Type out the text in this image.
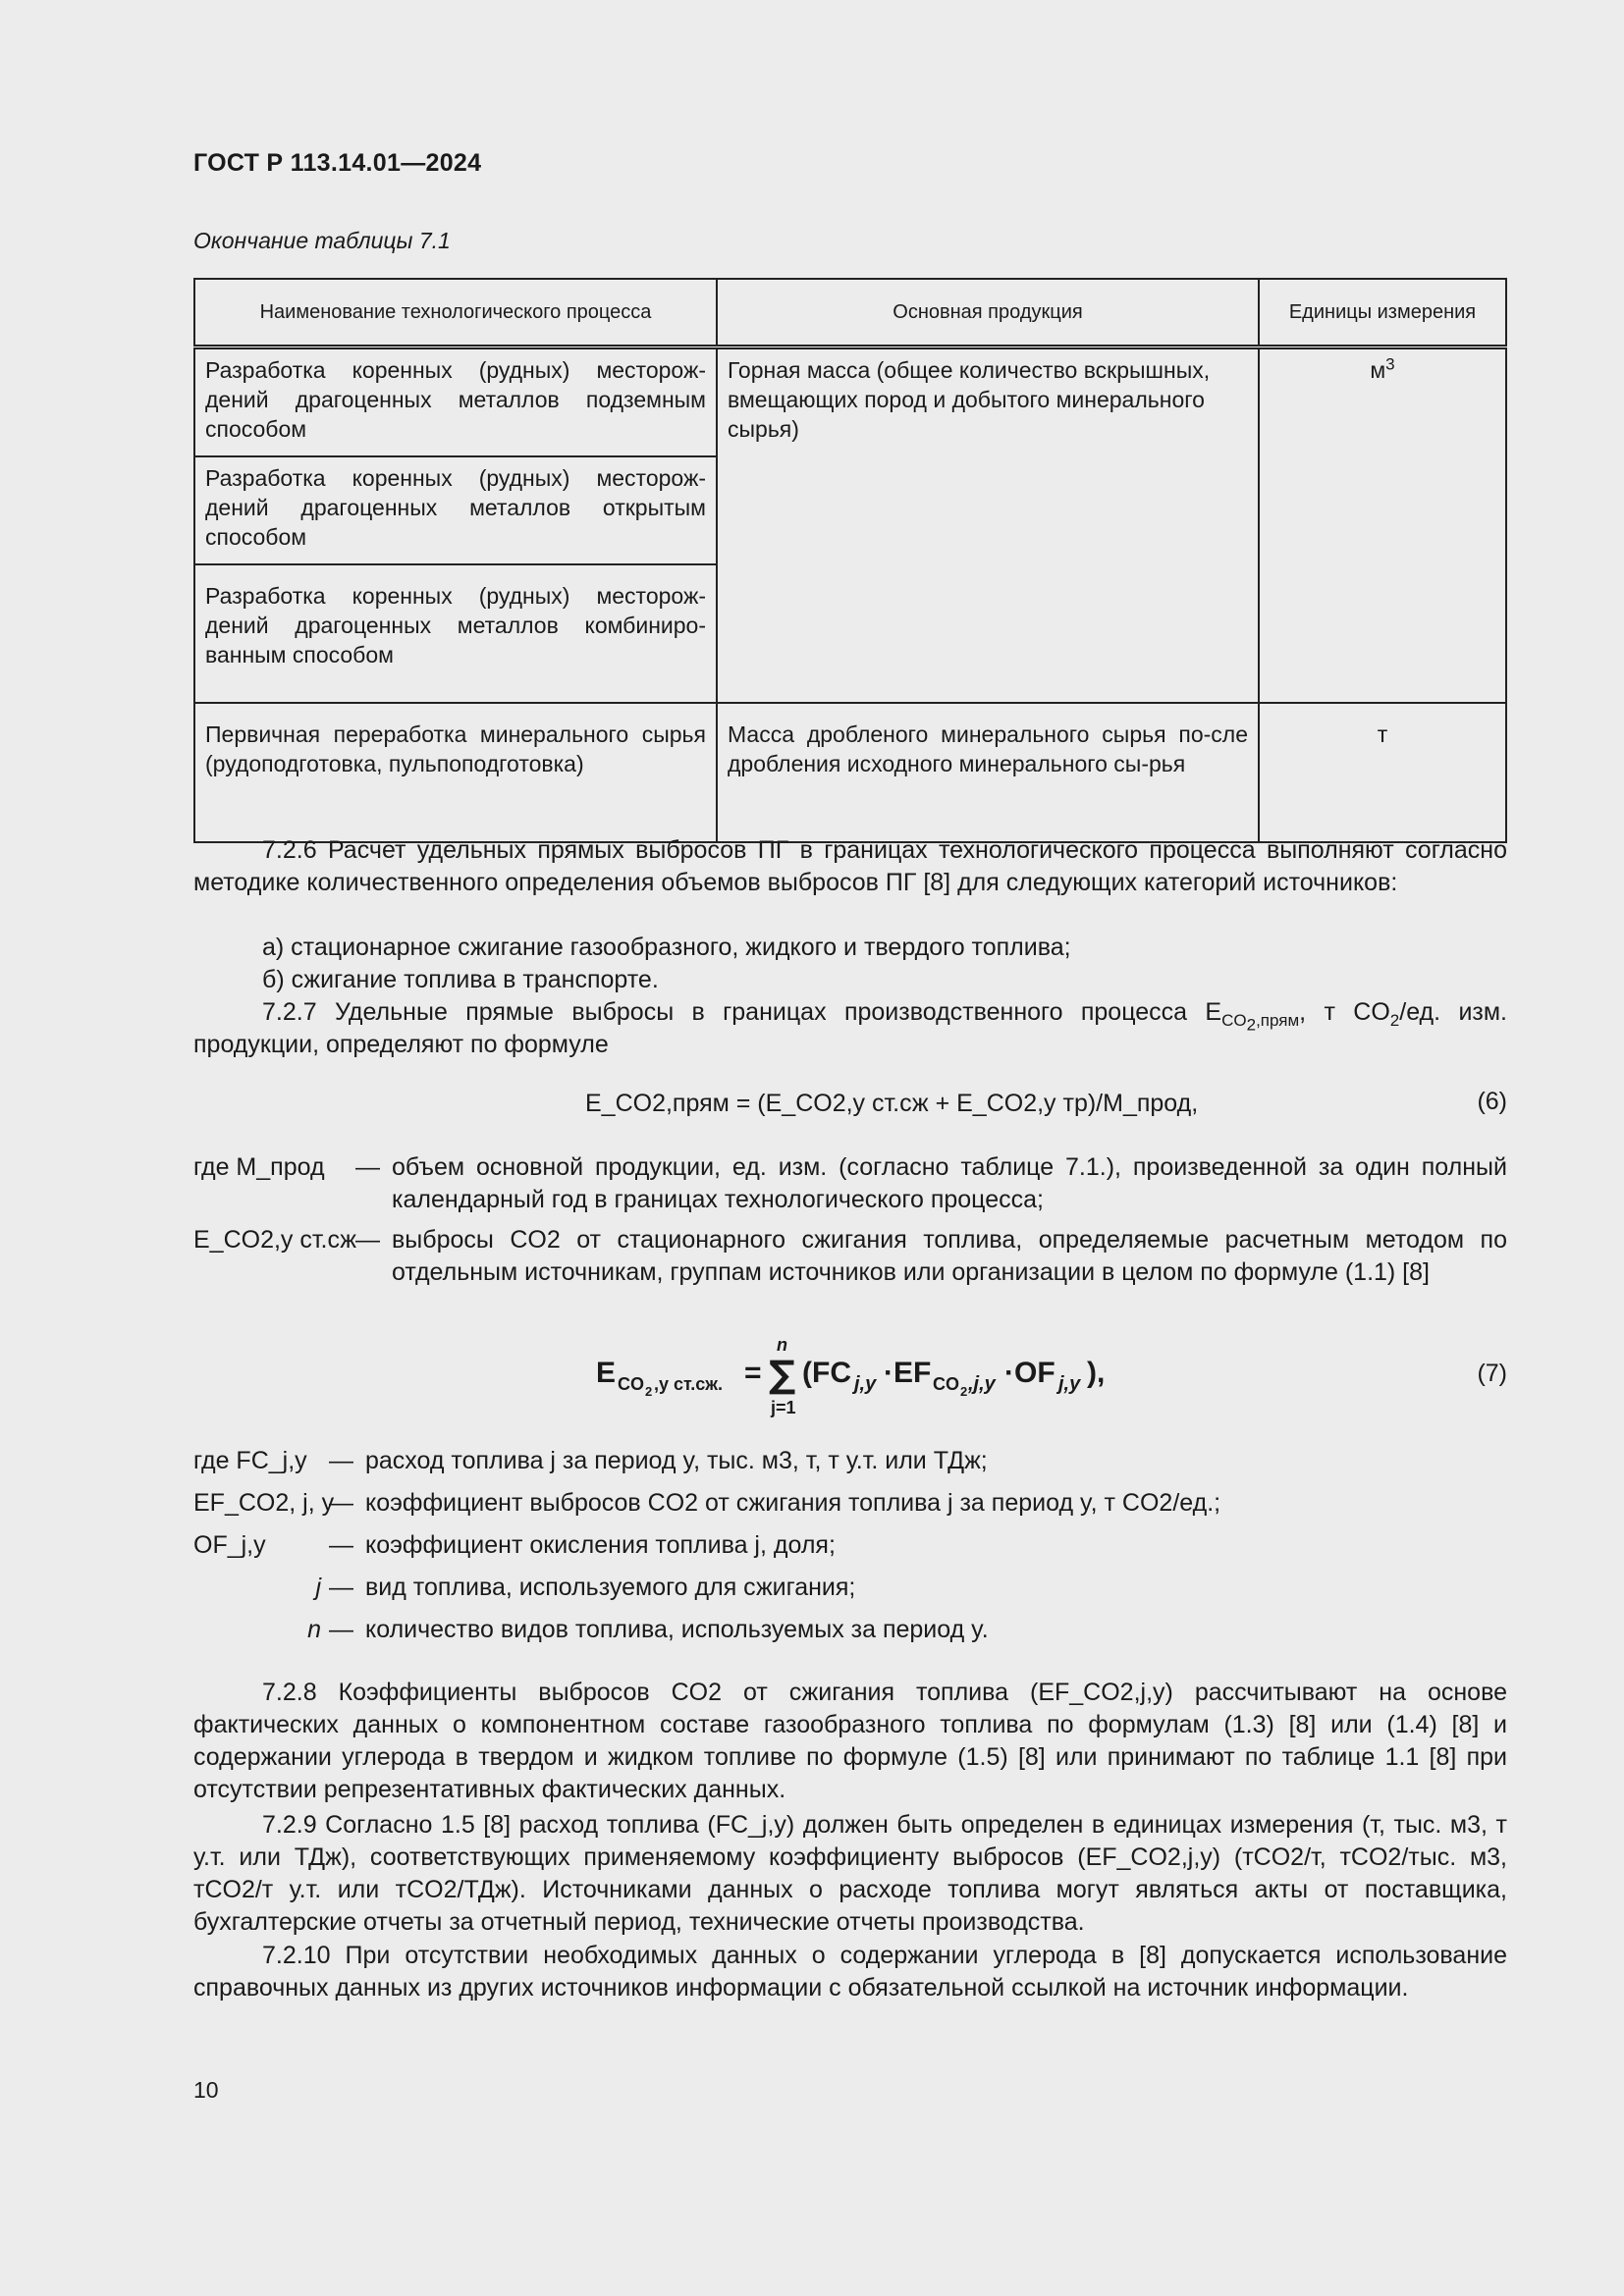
ГОСТ Р 113.14.01—2024
Окончание таблицы 7.1
Наименование технологического процесса	Основная продукция	Единицы измерения
Разработка коренных (рудных) месторож-дений драгоценных металлов подземным способом	Горная масса (общее количество вскрышных, вмещающих пород и добытого минерального сырья)	$м^3$
Разработка коренных (рудных) месторож-дений драгоценных металлов открытым способом		
Разработка коренных (рудных) месторож-дений драгоценных металлов комбиниро-ванным способом		
Первичная переработка минерального сырья (рудоподготовка, пульпоподготовка)	Масса дробленого минерального сырья по-сле дробления исходного минерального сы-рья	т
7.2.6 Расчет удельных прямых выбросов ПГ в границах технологического процесса выполняют согласно методике количественного определения объемов выбросов ПГ [8] для следующих категорий источников:
а) стационарное сжигание газообразного, жидкого и твердого топлива;
б) сжигание топлива в транспорте.
7.2.7 Удельные прямые выбросы в границах производственного процесса $E_{CO_2,прям}$, т $CO_2/ед$. изм. продукции, определяют по формуле
E_CO2,прям = (E_CO2,y ст.сж + E_CO2,y тр)/M_прод,	(6)
где M_прод	— объем основной продукции, ед. изм. (согласно таблице 7.1.), произведенной за один полный календарный год в границах технологического процесса;
E_CO2,y ст.сж
— выбросы CO2 от стационарного сжигания топлива, определяемые расчетным методом по отдельным источникам, группам источников или организации в целом по формуле (1.1) [8]
E CO 2 ,y ст.сж. =
n
∑
j=1
(FC j,y ·EF CO 2 ,j,y ·OF j,y ),	(7)
где FC_j,y — расход топлива j за период y, тыс. м3, т, т у.т. или ТДж;
EF_CO2, j, y
— коэффициент выбросов CO2 от сжигания топлива j за период y, т CO2/ед.;
OF_j,y	— коэффициент окисления топлива j, доля;
j — вид топлива, используемого для сжигания;
n — количество видов топлива, используемых за период y.
7.2.8 Коэффициенты выбросов CO2 от сжигания топлива (EF_CO2,j,y) рассчитывают на основе фактических данных о компонентном составе газообразного топлива по формулам (1.3) [8] или (1.4) [8] и содержании углерода в твердом и жидком топливе по формуле (1.5) [8] или принимают по таблице 1.1 [8] при отсутствии репрезентативных фактических данных.
7.2.9 Согласно 1.5 [8] расход топлива (FC_j,y) должен быть определен в единицах измерения (т, тыс. м3, т у.т. или ТДж), соответствующих применяемому коэффициенту выбросов (EF_CO2,j,y) (тCO2/т, тCO2/тыс. м3, тCO2/т у.т. или тCO2/ТДж). Источниками данных о расходе топлива могут являться акты от поставщика, бухгалтерские отчеты за отчетный период, технические отчеты производства.
7.2.10 При отсутствии необходимых данных о содержании углерода в [8] допускается использование справочных данных из других источников информации с обязательной ссылкой на источник информации.
10
